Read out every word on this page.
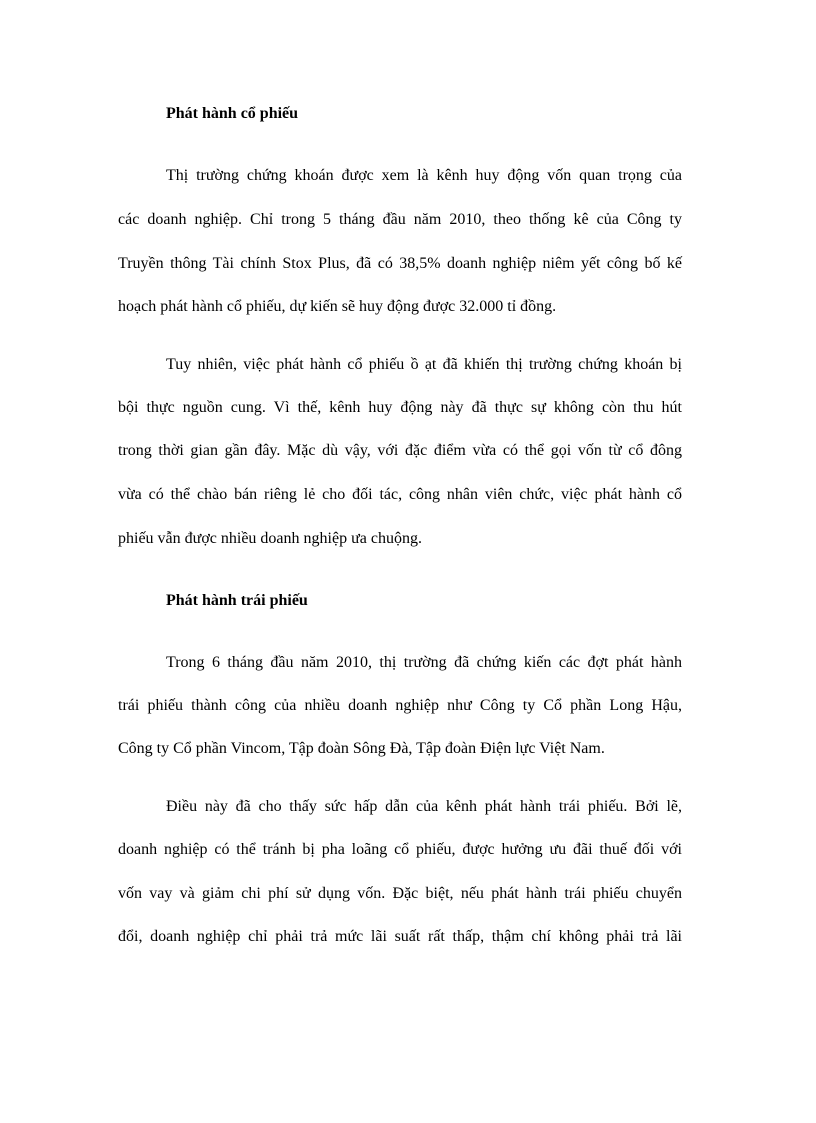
Phát hành cổ phiếu
Thị trường chứng khoán được xem là kênh huy động vốn quan trọng của
các doanh nghiệp. Chỉ trong 5 tháng đầu năm 2010, theo thống kê của Công ty
Truyền thông Tài chính Stox Plus, đã có 38,5% doanh nghiệp niêm yết công bố kế
hoạch phát hành cổ phiếu, dự kiến sẽ huy động được 32.000 tỉ đồng.
Tuy nhiên, việc phát hành cổ phiếu ồ ạt đã khiến thị trường chứng khoán bị
bội thực nguồn cung. Vì thế, kênh huy động này đã thực sự không còn thu hút
trong thời gian gần đây. Mặc dù vậy, với đặc điểm vừa có thể gọi vốn từ cổ đông
vừa có thể chào bán riêng lẻ cho đối tác, công nhân viên chức, việc phát hành cổ
phiếu vẫn được nhiều doanh nghiệp ưa chuộng.
Phát hành trái phiếu
Trong 6 tháng đầu năm 2010, thị trường đã chứng kiến các đợt phát hành
trái phiếu thành công của nhiều doanh nghiệp như Công ty Cổ phần Long Hậu,
Công ty Cổ phần Vincom, Tập đoàn Sông Đà, Tập đoàn Điện lực Việt Nam.
Điều này đã cho thấy sức hấp dẫn của kênh phát hành trái phiếu. Bởi lẽ,
doanh nghiệp có thể tránh bị pha loãng cổ phiếu, được hưởng ưu đãi thuế đối với
vốn vay và giảm chi phí sử dụng vốn. Đặc biệt, nếu phát hành trái phiếu chuyển
đổi, doanh nghiệp chỉ phải trả mức lãi suất rất thấp, thậm chí không phải trả lãi
